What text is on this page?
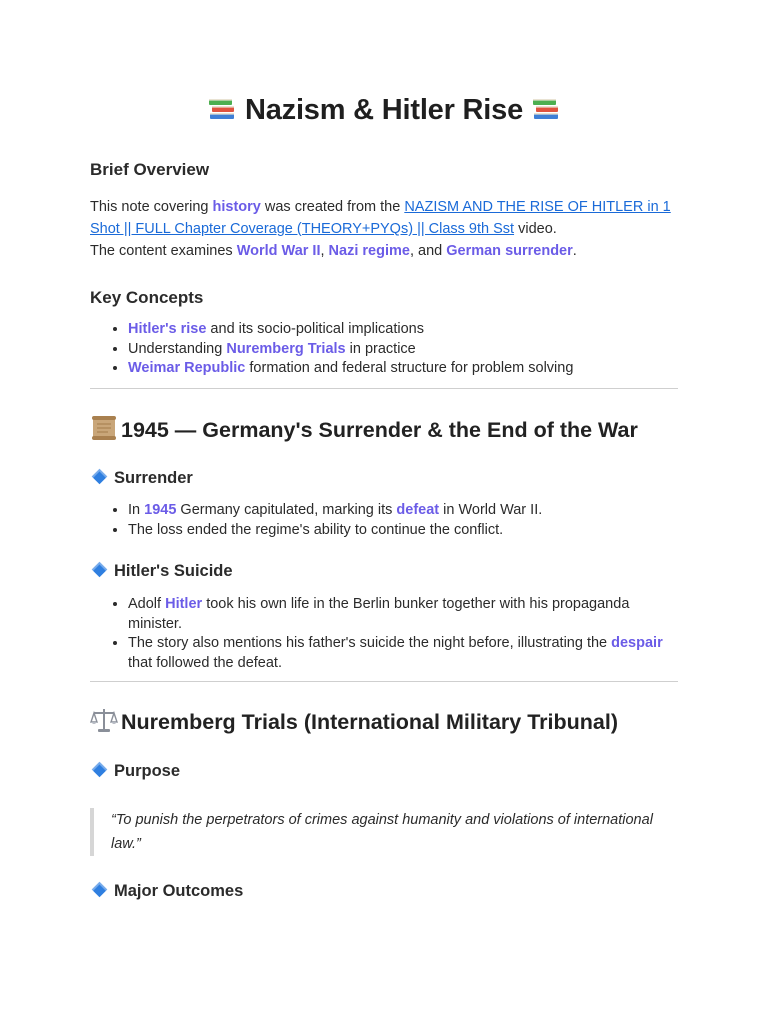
Nazism & Hitler Rise
Brief Overview

This note covering history was created from the NAZISM AND THE RISE OF HITLER in 1 Shot || FULL Chapter Coverage (THEORY+PYQs) || Class 9th Sst video.
The content examines World War II, Nazi regime, and German surrender.

Key Concepts
• Hitler's rise and its socio-political implications
• Understanding Nuremberg Trials in practice
• Weimar Republic formation and federal structure for problem solving
1945 — Germany's Surrender & the End of the War
Surrender
• In 1945 Germany capitulated, marking its defeat in World War II.
• The loss ended the regime's ability to continue the conflict.
Hitler's Suicide
• Adolf Hitler took his own life in the Berlin bunker together with his propaganda minister.
• The story also mentions his father's suicide the night before, illustrating the despair that followed the defeat.
Nuremberg Trials (International Military Tribunal)
Purpose
“To punish the perpetrators of crimes against humanity and violations of international law.”
Major Outcomes
